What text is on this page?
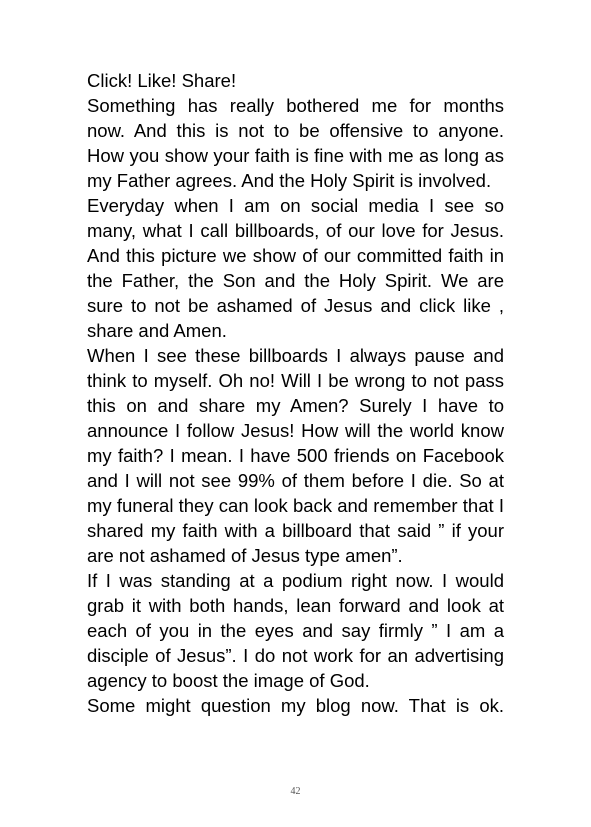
Click! Like! Share!

Something has really bothered me for months now. And this is not to be offensive to anyone. How you show your faith is fine with me as long as my Father agrees. And the Holy Spirit is involved.

Everyday when I am on social media I see so many, what I call billboards, of our love for Jesus. And this picture we show of our committed faith in the Father, the Son and the Holy Spirit. We are sure to not be ashamed of Jesus and click like , share and Amen.

When I see these billboards I always pause and think to myself. Oh no! Will I be wrong to not pass this on and share my Amen? Surely I have to announce I follow Jesus! How will the world know my faith? I mean. I have 500 friends on Facebook and I will not see 99% of them before I die. So at my funeral they can look back and remember that I shared my faith with a billboard that said ” if your are not ashamed of Jesus type amen”.

If I was standing at a podium right now. I would grab it with both hands, lean forward and look at each of you in the eyes and say firmly ” I am a disciple of Jesus”. I do not work for an advertising agency to boost the image of God.

Some might question my blog now. That is ok.

42
